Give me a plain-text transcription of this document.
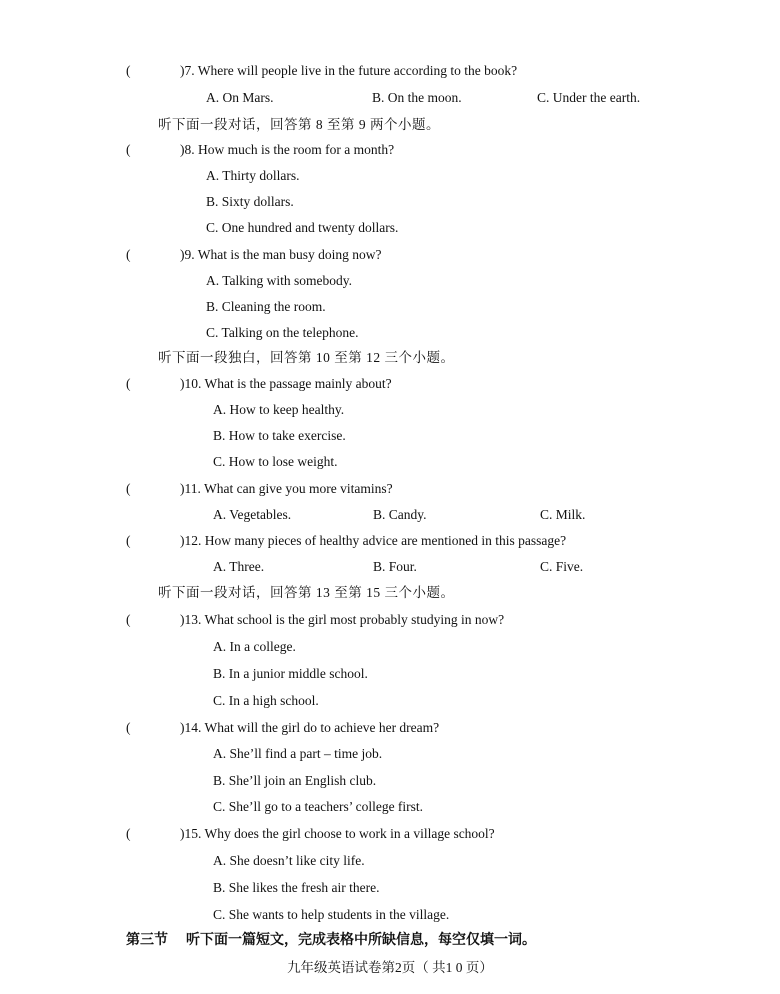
(	)7. Where will people live in the future according to the book?
A. On Mars.	B. On the moon.	C. Under the earth.
听下面一段对话，回答第 8 至第 9 两个小题。
(	)8. How much is the room for a month?
A. Thirty dollars.
B. Sixty dollars.
C. One hundred and twenty dollars.
(	)9. What is the man busy doing now?
A. Talking with somebody.
B. Cleaning the room.
C. Talking on the telephone.
听下面一段独白，回答第 10 至第 12 三个小题。
(	)10. What is the passage mainly about?
A. How to keep healthy.
B. How to take exercise.
C. How to lose weight.
(	)11. What can give you more vitamins?
A. Vegetables.	B. Candy.	C. Milk.
(	)12. How many pieces of healthy advice are mentioned in this passage?
A. Three.	B. Four.	C. Five.
听下面一段对话，回答第 13 至第 15 三个小题。
(	)13. What school is the girl most probably studying in now?
A. In a college.
B. In a junior middle school.
C. In a high school.
(	)14. What will the girl do to achieve her dream?
A. She’ll find a part – time job.
B. She’ll join an English club.
C. She’ll go to a teachers’ college first.
(	)15. Why does the girl choose to work in a village school?
A. She doesn’t like city life.
B. She likes the fresh air there.
C. She wants to help students in the village.
第三节 听下面一篇短文，完成表格中所缺信息，每空仅填一词。
九年级英语试卷第2页（ 共1 0 页）
